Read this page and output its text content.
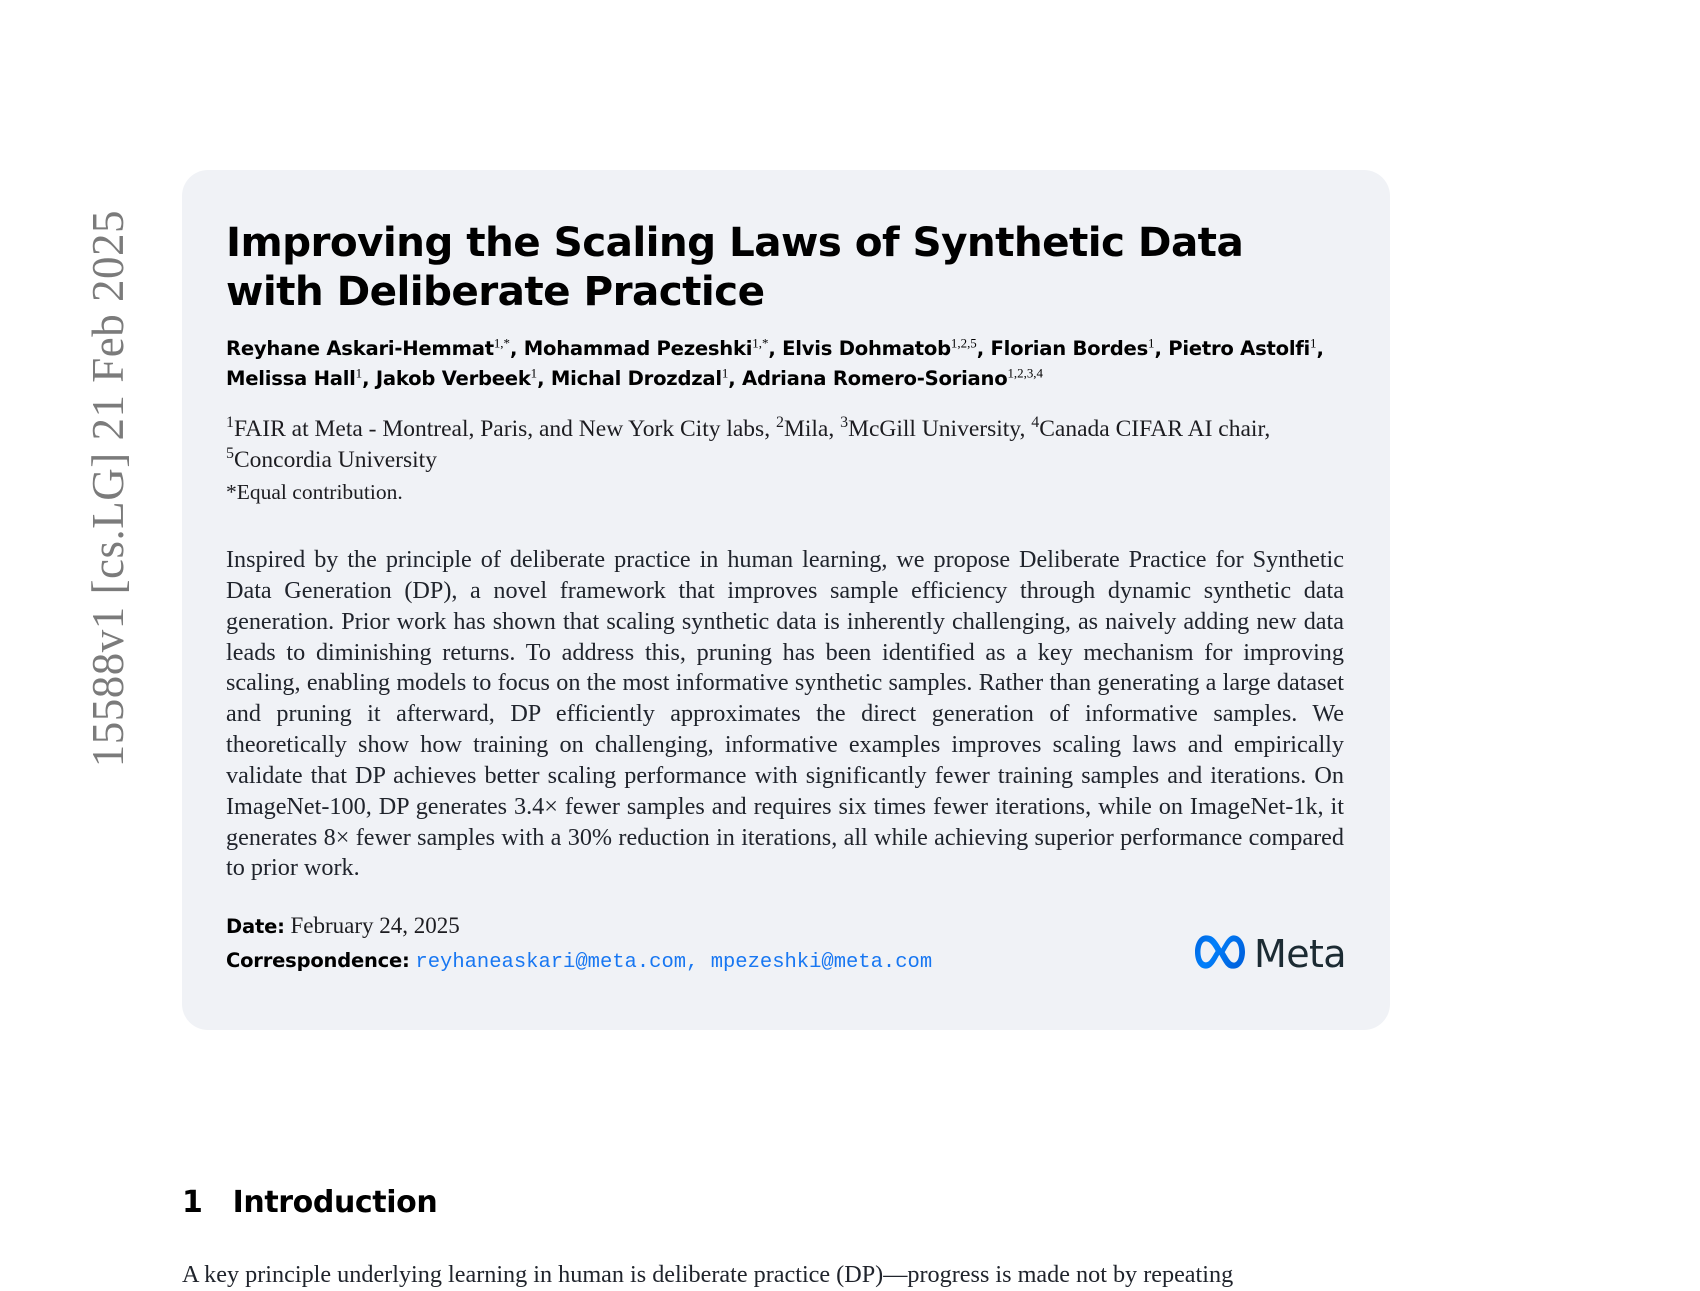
15588v1 [cs.LG] 21 Feb 2025	Improving the Scaling Laws of Synthetic Data with Deliberate Practice

Reyhane Askari-Hemmat$^{1,*}$, Mohammad Pezeshki$^{1,*}$, Elvis Dohmatob$^{1,2,5}$, Florian Bordes$^1$, Pietro Astolfi$^1$, Melissa Hall$^1$, Jakob Verbeek$^1$, Michal Drozdzal$^1$, Adriana Romero-Soriano$^{1,2,3,4}$

$^1$FAIR at Meta - Montreal, Paris, and New York City labs, $^2$Mila, $^3$McGill University, $^4$Canada CIFAR AI chair, $^5$Concordia University

*Equal contribution.

Inspired by the principle of deliberate practice in human learning, we propose Deliberate Practice for Synthetic Data Generation (DP), a novel framework that improves sample efficiency through dynamic synthetic data generation. Prior work has shown that scaling synthetic data is inherently challenging, as naively adding new data leads to diminishing returns. To address this, pruning has been identified as a key mechanism for improving scaling, enabling models to focus on the most informative synthetic samples. Rather than generating a large dataset and pruning it afterward, DP efficiently approximates the direct generation of informative samples. We theoretically show how training on challenging, informative examples improves scaling laws and empirically validate that DP achieves better scaling performance with significantly fewer training samples and iterations. On ImageNet-100, DP generates 3.4× fewer samples and requires six times fewer iterations, while on ImageNet-1k, it generates 8× fewer samples with a 30% reduction in iterations, all while achieving superior performance compared to prior work.

Date: February 24, 2025
Correspondence: reyhaneaskari@meta.com, mpezeshki@meta.com	Meta
1 Introduction

A key principle underlying learning in human is deliberate practice (DP)—progress is made not by repeating
